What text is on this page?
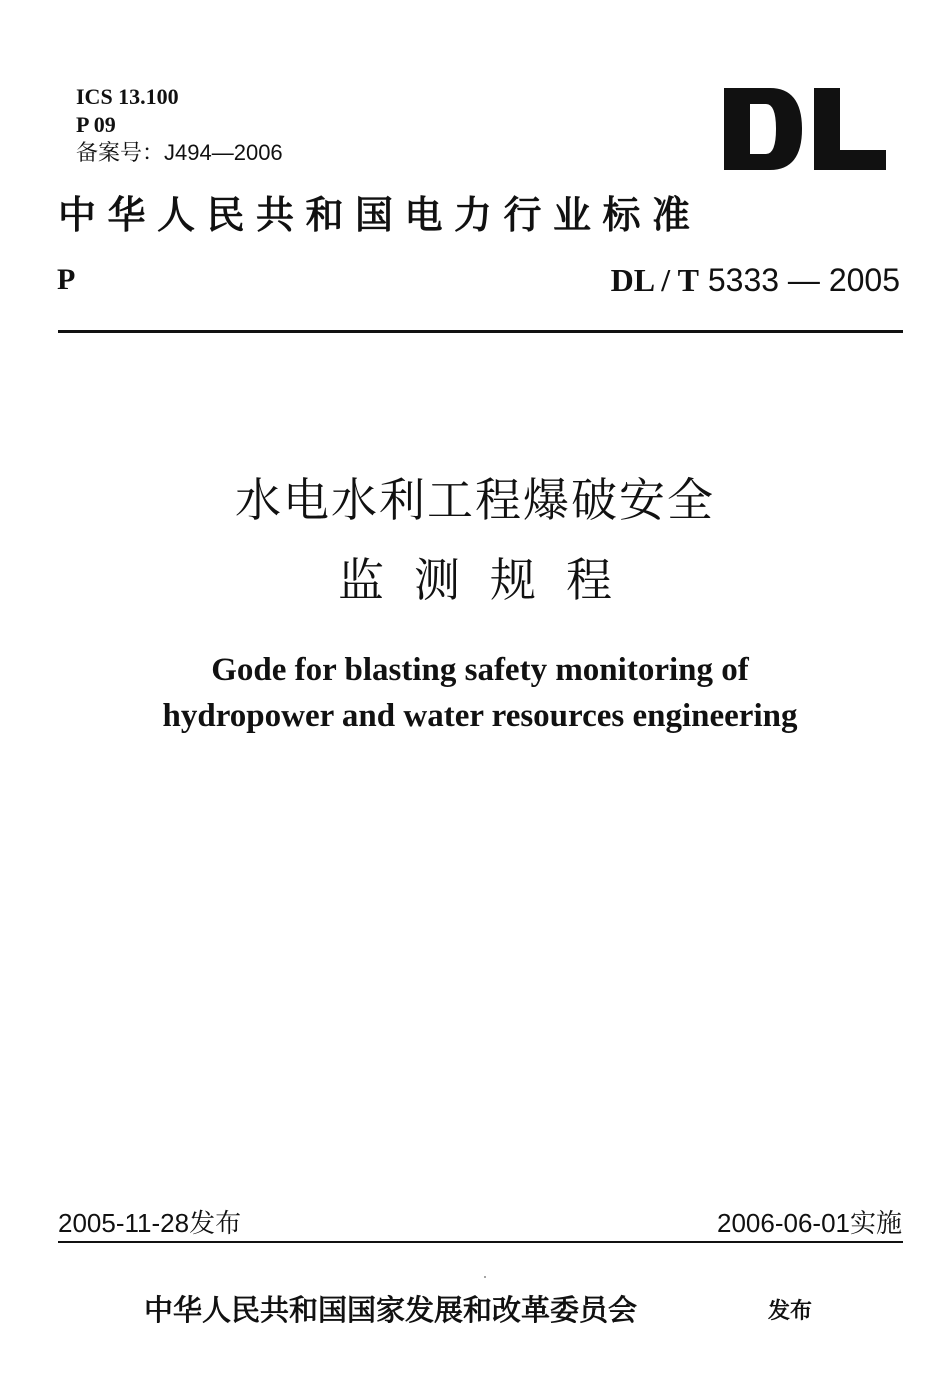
ICS 13.100
P 09
备案号：J494—2006
中华人民共和国电力行业标准
P	DL / T 5333 — 2005
水电水利工程爆破安全
监测规程
Gode for blasting safety monitoring of
hydropower and water resources engineering
2005-11-28发布	2006-06-01实施
中华人民共和国国家发展和改革委员会	发布
